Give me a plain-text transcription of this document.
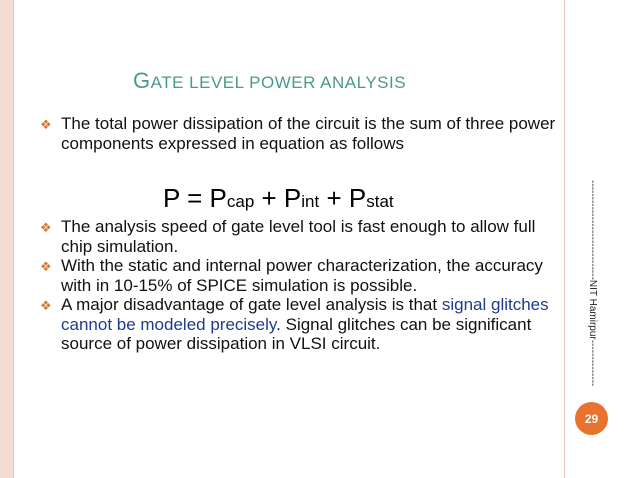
GATE LEVEL POWER ANALYSIS
❖ The total power dissipation of the circuit is the sum of three power components expressed in equation as follows
❖ The analysis speed of gate level tool is fast enough to allow full chip simulation.
❖ With the static and internal power characterization, the accuracy with in 10-15% of SPICE simulation is possible.
❖ A major disadvantage of gate level analysis is that signal glitches cannot be modeled precisely. Signal glitches can be significant source of power dissipation in VLSI circuit.
P = Pcap + Pint + Pstat	------------------------------NIT Hamirpur--------------
29
